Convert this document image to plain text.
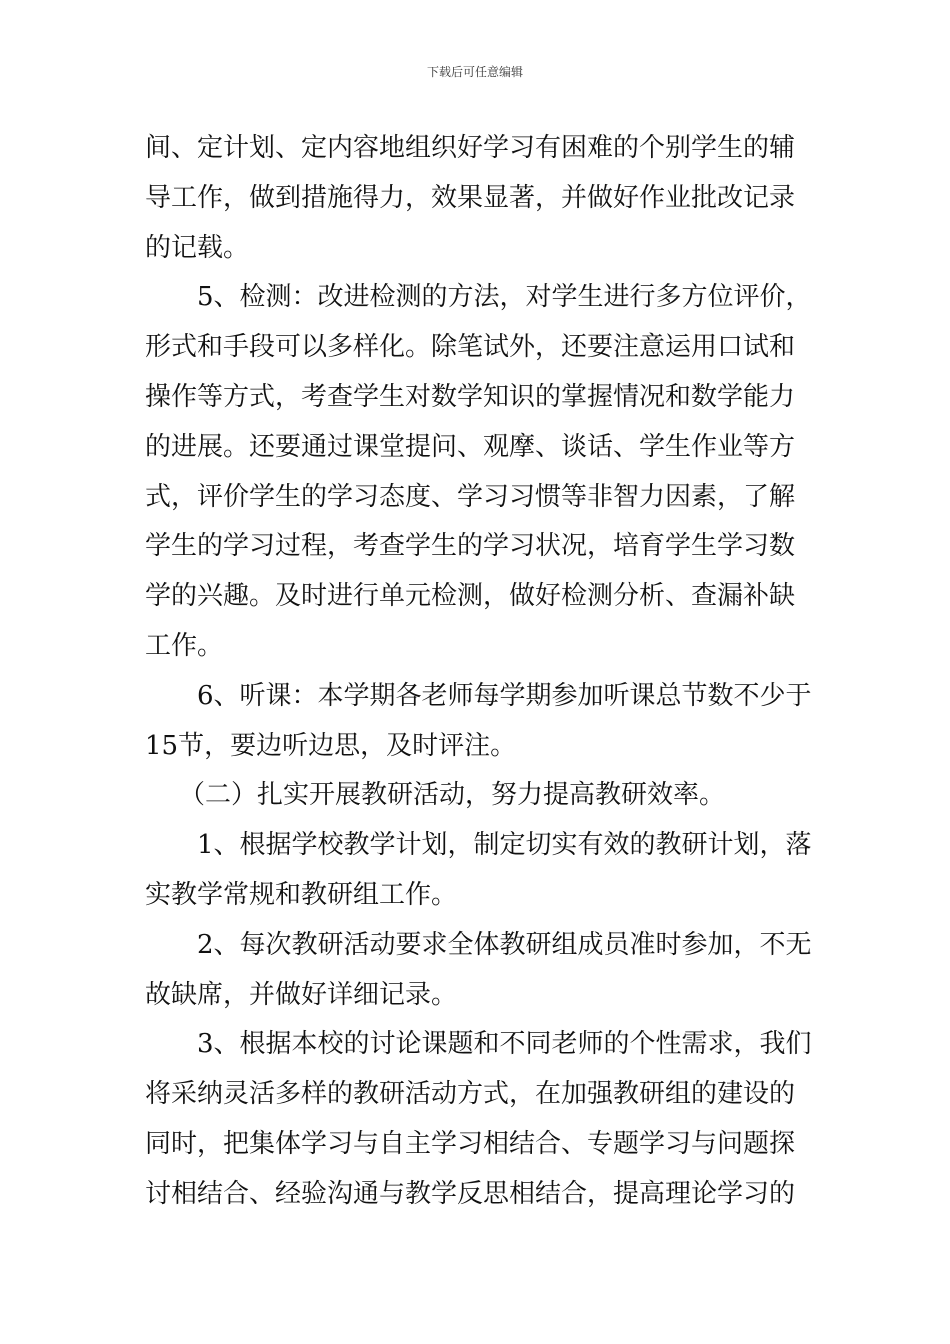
下载后可任意编辑
间、定计划、定内容地组织好学习有困难的个别学生的辅
导工作，做到措施得力，效果显著，并做好作业批改记录
的记载。
5、检测：改进检测的方法，对学生进行多方位评价，
形式和手段可以多样化。除笔试外，还要注意运用口试和
操作等方式，考查学生对数学知识的掌握情况和数学能力
的进展。还要通过课堂提问、观摩、谈话、学生作业等方
式，评价学生的学习态度、学习习惯等非智力因素，了解
学生的学习过程，考查学生的学习状况，培育学生学习数
学的兴趣。及时进行单元检测，做好检测分析、查漏补缺
工作。
6、听课：本学期各老师每学期参加听课总节数不少于
15节，要边听边思，及时评注。
（二）扎实开展教研活动，努力提高教研效率。
1、根据学校教学计划，制定切实有效的教研计划，落
实教学常规和教研组工作。
2、每次教研活动要求全体教研组成员准时参加，不无
故缺席，并做好详细记录。
3、根据本校的讨论课题和不同老师的个性需求，我们
将采纳灵活多样的教研活动方式，在加强教研组的建设的
同时，把集体学习与自主学习相结合、专题学习与问题探
讨相结合、经验沟通与教学反思相结合，提高理论学习的
